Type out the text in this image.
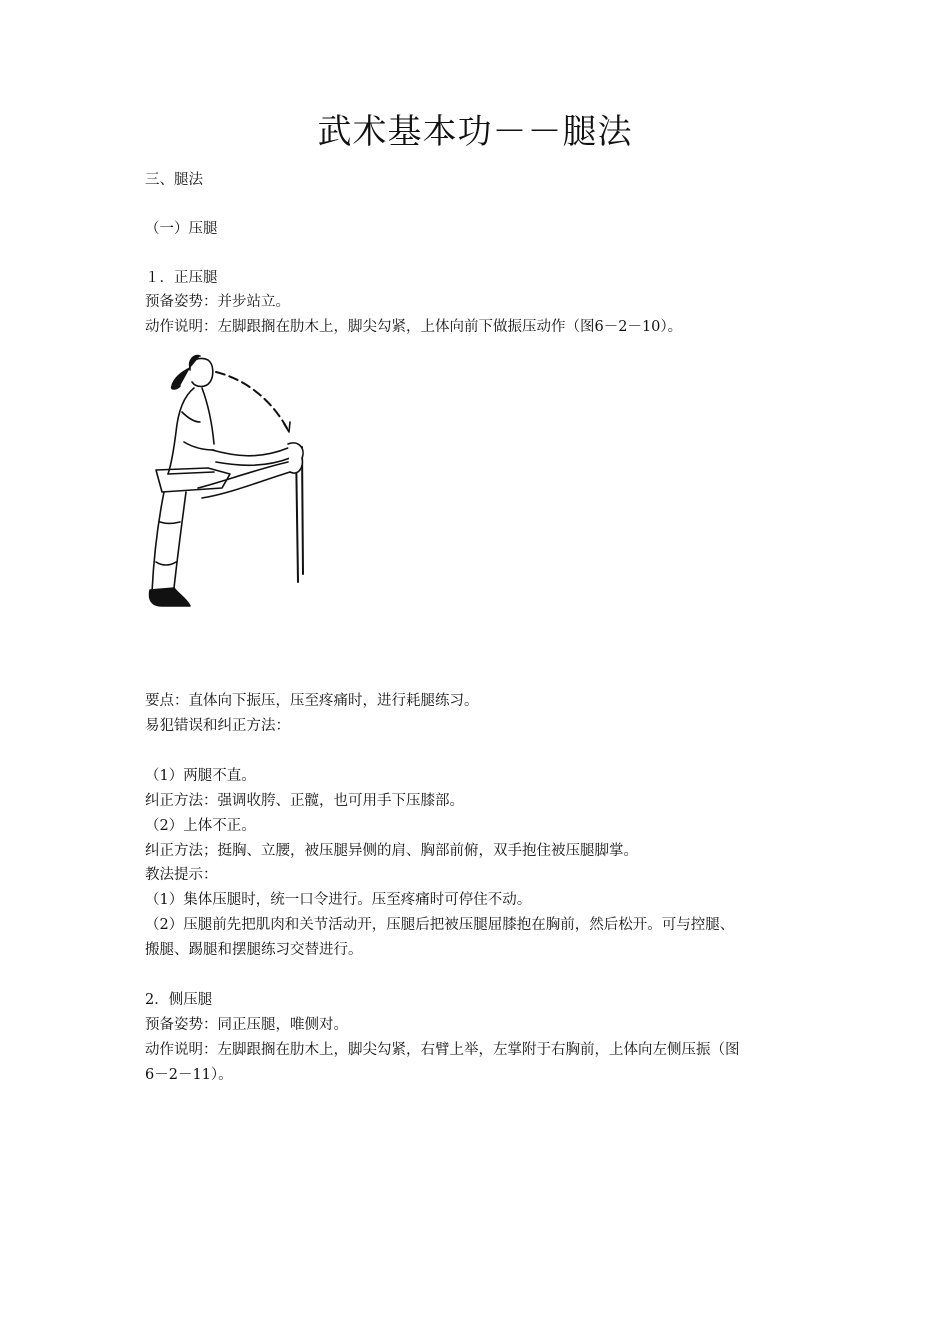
武术基本功－－腿法

三、腿法

（一）压腿

１．正压腿

预备姿势：并步站立。

动作说明：左脚跟搁在肋木上，脚尖勾紧，上体向前下做振压动作（图6－2－10）。

要点：直体向下振压，压至疼痛时，进行耗腿练习。

易犯错误和纠正方法：

（1）两腿不直。

纠正方法：强调收胯、正髋，也可用手下压膝部。

（2）上体不正。

纠正方法；挺胸、立腰，被压腿异侧的肩、胸部前俯，双手抱住被压腿脚掌。

教法提示：

（1）集体压腿时，统一口令进行。压至疼痛时可停住不动。

（2）压腿前先把肌肉和关节活动开，压腿后把被压腿屈膝抱在胸前，然后松开。可与控腿、

搬腿、踢腿和摆腿练习交替进行。

2．侧压腿

预备姿势：同正压腿，唯侧对。

动作说明：左脚跟搁在肋木上，脚尖勾紧，右臂上举，左掌附于右胸前，上体向左侧压振（图

6－2－11）。
